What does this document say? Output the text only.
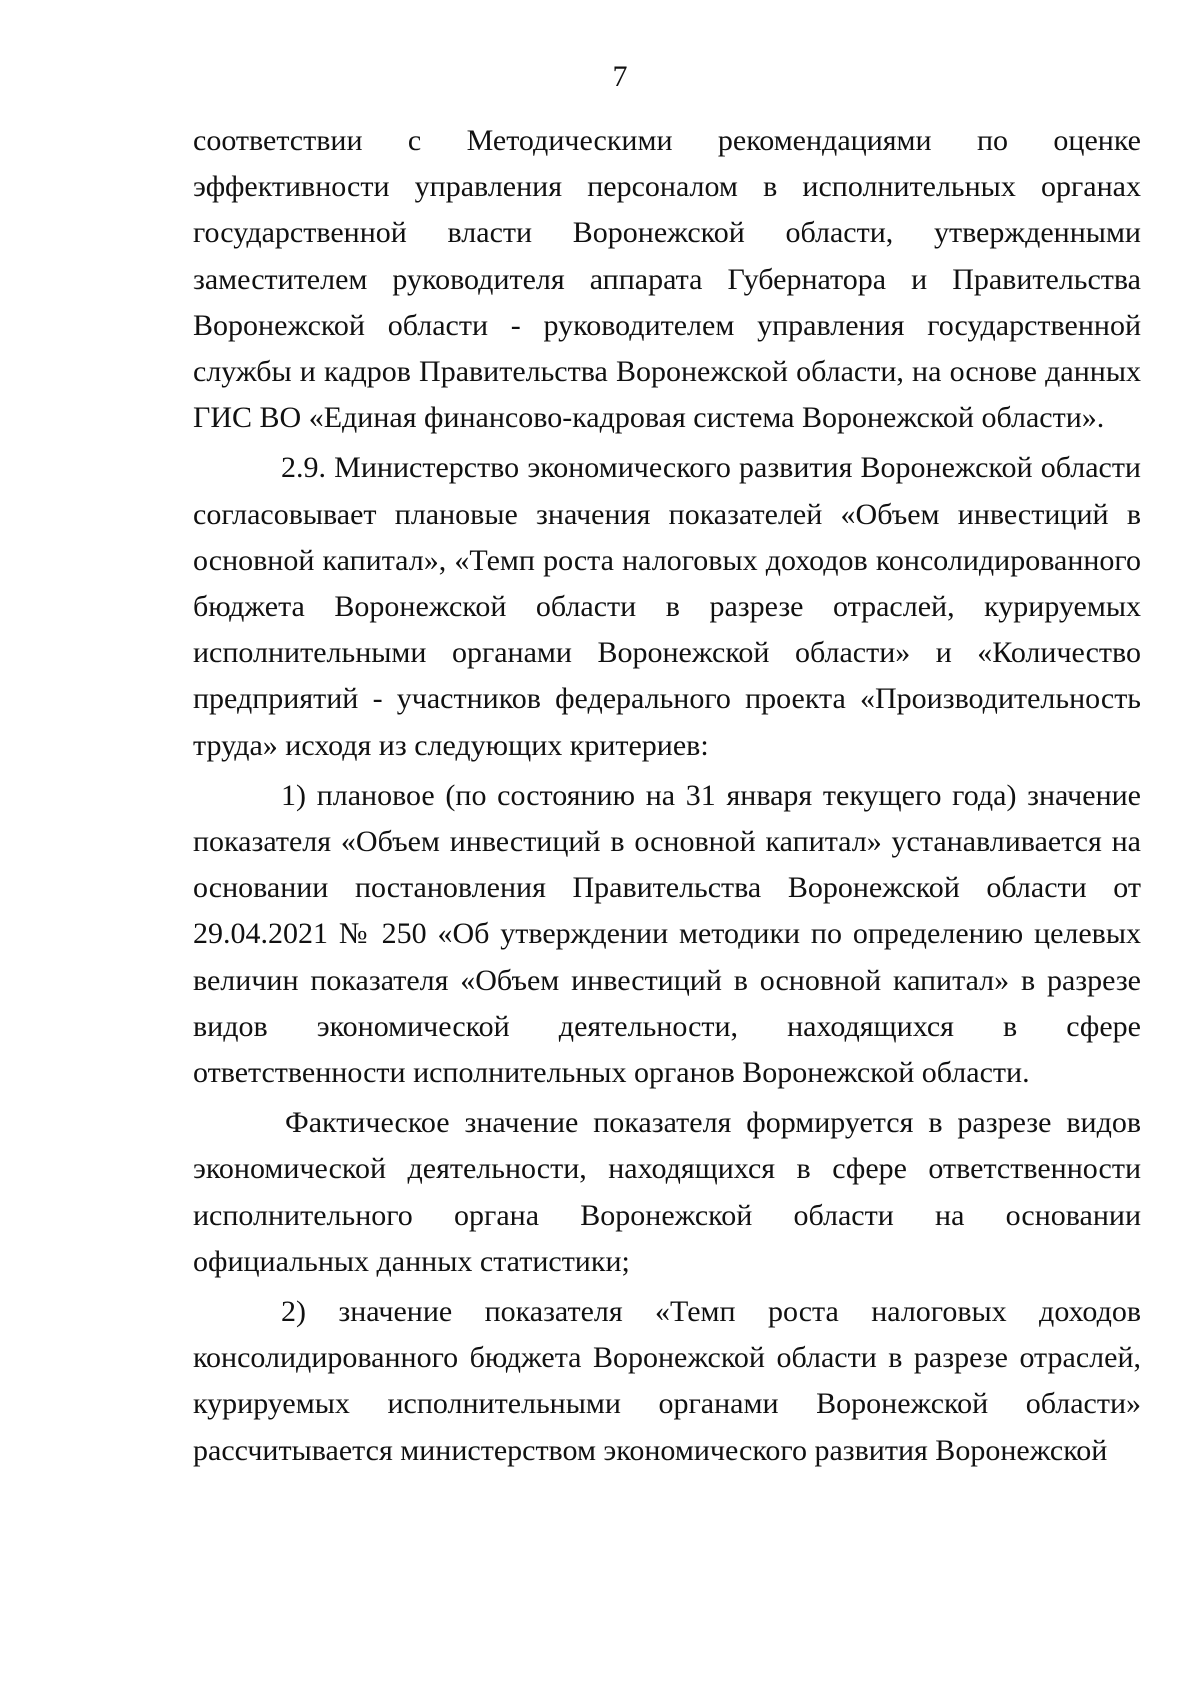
7

соответствии с Методическими рекомендациями по оценке эффективности управления персоналом в исполнительных органах государственной власти Воронежской области, утвержденными заместителем руководителя аппарата Губернатора и Правительства Воронежской области - руководителем управления государственной службы и кадров Правительства Воронежской области, на основе данных ГИС ВО «Единая финансово-кадровая система Воронежской области».

2.9. Министерство экономического развития Воронежской области согласовывает плановые значения показателей «Объем инвестиций в основной капитал», «Темп роста налоговых доходов консолидированного бюджета Воронежской области в разрезе отраслей, курируемых исполнительными органами Воронежской области» и «Количество предприятий - участников федерального проекта «Производительность труда» исходя из следующих критериев:

1) плановое (по состоянию на 31 января текущего года) значение показателя «Объем инвестиций в основной капитал» устанавливается на основании постановления Правительства Воронежской области от 29.04.2021 № 250 «Об утверждении методики по определению целевых величин показателя «Объем инвестиций в основной капитал» в разрезе видов экономической деятельности, находящихся в сфере ответственности исполнительных органов Воронежской области.

Фактическое значение показателя формируется в разрезе видов экономической деятельности, находящихся в сфере ответственности исполнительного органа Воронежской области на основании официальных данных статистики;

2) значение показателя «Темп роста налоговых доходов консолидированного бюджета Воронежской области в разрезе отраслей, курируемых исполнительными органами Воронежской области» рассчитывается министерством экономического развития Воронежской
